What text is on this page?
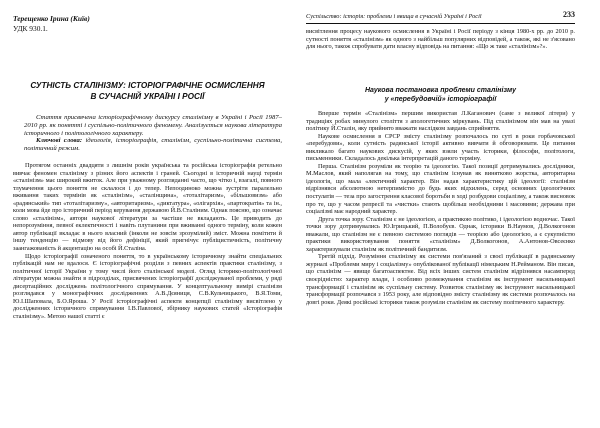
Терещенко Ірина (Київ)
УДК 930.1.
СУТНІСТЬ СТАЛІНІЗМУ: ІСТОРІОГРАФІЧНЕ ОСМИСЛЕННЯ
В СУЧАСНІЙ УКРАЇНІ І РОСІЇ

Стаття присвячена історіографічному дискурсу сталінізму в Україні і Росії 1987–2010 рр. як понятті і суспільно-політичного феномену. Аналізується наукова література історичного і політологічного характеру.

Ключові слова: ідеологія, історіографія, сталінізм, суспільно-політична система, політичний режим.

Протягом останніх двадцяти з лишнім років українська та російська історіографія ретельно вивчає феномен сталінізму з різних його аспектів і граней. Сьогодні в історичній науці термін «сталінізм» має широкий вжиток. Але при уважному розгляданні часто, що чітко і, взагалі, повного тлумачення цього поняття не склалося і до тепер. Непоодиноко можна зустріти паралельно вживання таких термінів як «сталінізм», «сталінщина», «тоталітаризм», «більшовизм» або «радянський» тип «тоталітаризму», «авторитаризм», «диктатура», «олігархія», «партократія» та ін., коли мова йде про історичний період керування державою Й.В.Сталіним. Однак поясню, що означає слово «сталінізм», автори наукової літератури за частіше не вкладають. Це приводить до непорозуміння, певної еклектичності і навіть плутанини при вживанні одного терміну, коли кожен автор публікації вкладає в нього власний (інколи не зовсім зрозумілий) зміст. Можна помітити й іншу тенденцію — відмову від його дефініції, який пригнічує публіцистичність, політичну заангажованість й акцентацію на особі Й.Сталіна.

Щодо історіографії означеного поняття, то в українському історичному знайти спеціальних публікацій нам не вдалося. Є історіографічні розділи з певних аспектів практики сталінізму, з політичної історії України у тому числі його сталінської моделі. Огляд історико-політологічної літератури можна знайти в підрозділах, присвячених історіографії досліджуваної проблеми, у ряді дисертаційних досліджень політологічного спрямування. У концептуальному вимірі сталінізм розглядався у монографічних дослідженнях А.В.Дєяниця, С.В.Кульчицького, В.Я.Томи, Ю.І.Шаповала, Б.О.Яроша. У Росії історіографічні аспекти концепції сталінізму висвітлено у дослідженнях історичного спрямування І.В.Павлової, збірнику наукових статей «Історіографія сталінізму». Метою нашої статті є

Суспільство: історія: проблеми і явища в сучасній Україні і Росії	233

висвітлення процесу наукового осмислення в Україні і Росії періоду з кінця 1980-х рр. до 2010 р. сутності поняття «сталінізм» як одного з найбільш популярних відповідей, а також, які не з'ясовано для нього, також спробувати дати власну відповідь на питання: «Що ж таке «сталінізм»?».

Наукова постановка проблеми сталінізму
у «перебудовчій» історіографії

Вперше термін «Сталінізм» першим використав Л.Каганович (саме з великої літери) у традиціях робах минулого століття з апологетичних міркувань. Під сталінізмом він мав на увазі політику Й.Сталін, яку прийнято вважати наслідком завдань сприйняття.

Наукове осмислення в СРСР змісту сталінізму розпочалось по суті в роки горбачовської «перебудови», коли сутність радянської історії активно вивчати й обговорювати. Це питання викликало багато наукових дискусій, у яких взяли участь історики, філософи, політологи, письменники. Складалось декілька інтерпретацій даного терміну.

Перша. Сталінізм розуміли як теорію та ідеологію. Такої позиції дотримувались дослідники, М.Маслов, який наполягав на тому, що сталінізм існував як винятково жорстка, авторитарна ідеологія, що мала «лектичний характер. Він надав характеристику цій ідеології: сталінізм відрізнявся абсолютною нетерпимістю до будь яких відхилень, серед основних ідеологічних постулатів — теза про загострення класової боротьби в ході розбудови соціалізму, а також висновок про те, що у часом репресії та «чистки» стають щобільш необхідними і масовими; держава при соціалізмі має народний характер.

Друга точка зору. Сталінізм є не ідеологією, а практикою політико, і ідеологією водночас. Такої точки зору дотримувались Ю.Ігрицький, П.Волобуєв. Однак, історики В.Наумов, Д.Волкогонов вважали, що сталінізм не є певною системою поглядів — теорією або ідеологією, а є сукупністю практики використовування поняття «сталінізм» Д.Волкогонов, А.Антонов-Овсеєнко характеризували сталінізм як політичний бандитизм.

Третій підхід. Розуміння сталінізму як системи пов'язаний з своєї публікації в радянському журналі «Проблеми миру і соціалізму» опублікованої публікації німецьким Н.Рейманом. Він писав, що сталінізм — явище багатоаспектне. Від всіх інших систем сталінізм відрізнявся насамперед своєрідністю: характер влади, і особливо розмежування сталінізм як інструмент насильницької трансформації і сталінізм як суспільну систему. Розвиток сталінізму як інструмент насильницької трансформації розпочався з 1953 року, але відповідно змісту сталінізму як системи розпочалось на довгі роки. Деякі російські історики також розуміли сталінізм як систему політичного характеру.
